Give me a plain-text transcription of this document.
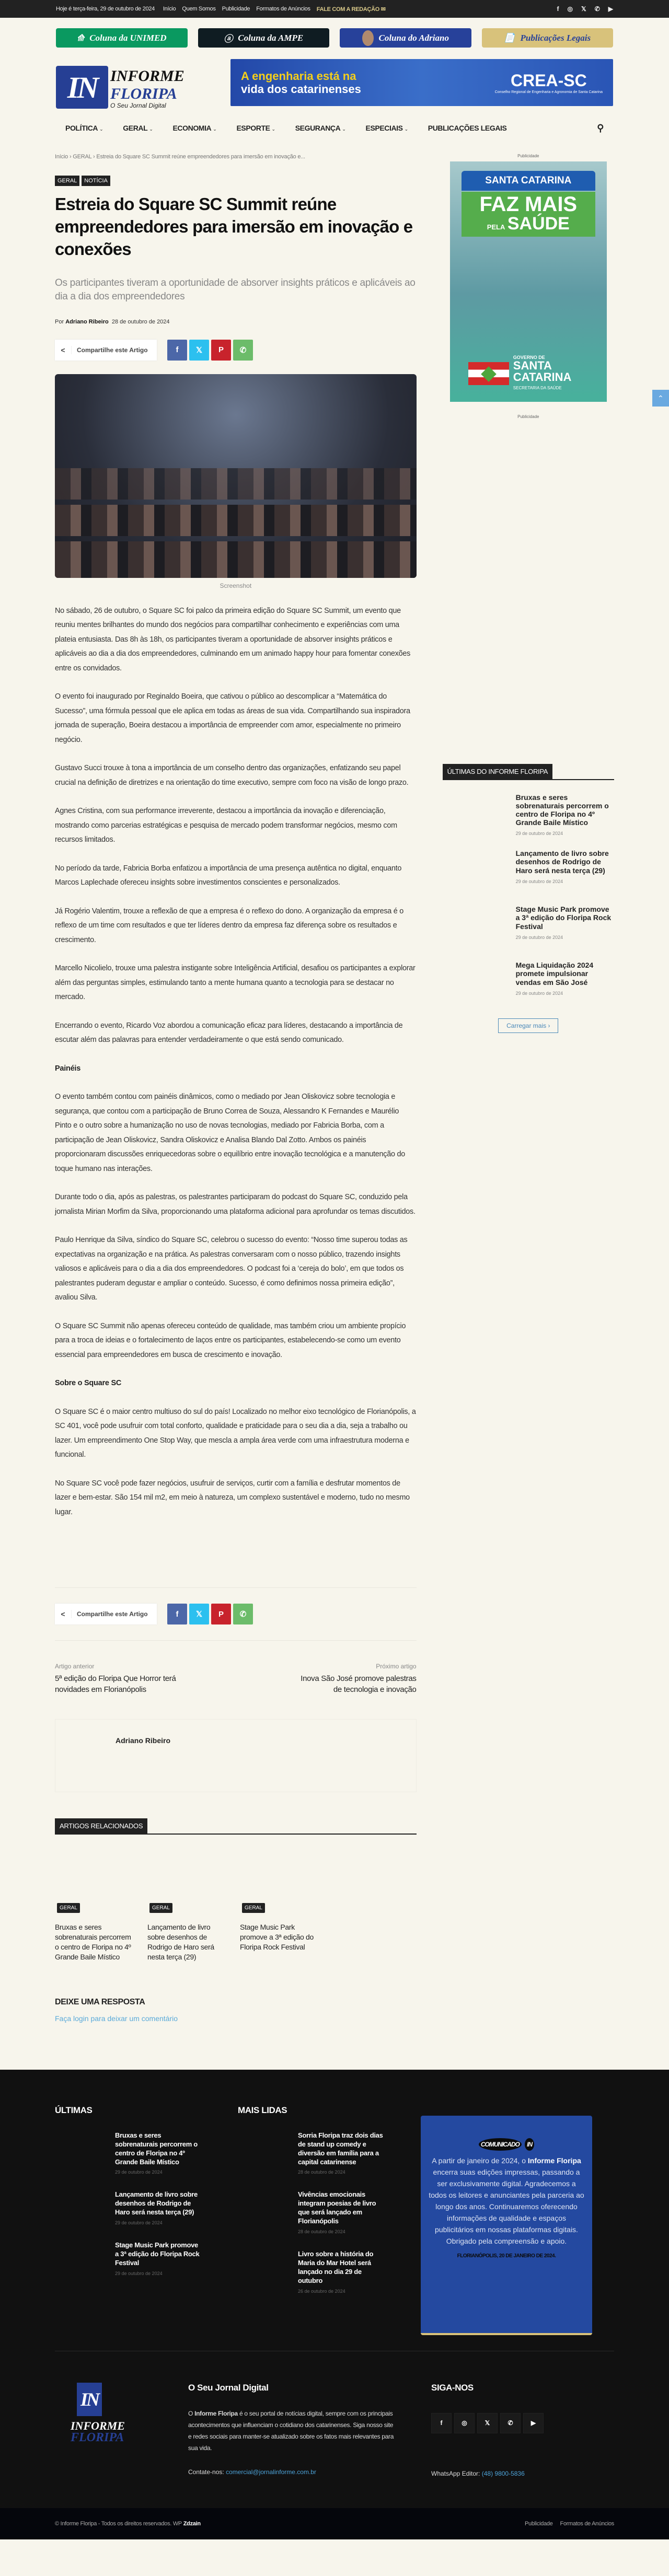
Hoje é terça-feira, 29 de outubro de 2024 Início Quem Somos Publicidade Formatos de Anúncios FALE COM A REDAÇÃO ✉	f ◎ 𝕏 ✆ ▶
⟰ Coluna da UNIMED	ⓐ Coluna da AMPE	Coluna do Adriano	📄 Publicações Legais
IN INFORME
FLORIPA
O Seu Jornal Digital
A engenharia está na
vida dos catarinenses	CREA-SC
Conselho Regional de Engenharia e Agronomia de Santa Catarina
POLÍTICA ⌄	GERAL ⌄	ECONOMIA ⌄	ESPORTE ⌄	SEGURANÇA ⌄	ESPECIAIS ⌄	PUBLICAÇÕES LEGAIS	⚲
Início › GERAL › Estreia do Square SC Summit reúne empreendedores para imersão em inovação e...
GERAL	NOTÍCIA
Estreia do Square SC Summit reúne empreendedores para imersão em inovação e conexões
Os participantes tiveram a oportunidade de absorver insights práticos e aplicáveis ao dia a dia dos empreendedores
Por Adriano Ribeiro 28 de outubro de 2024
<	Compartilhe este Artigo	f	𝕏	P	✆
Screenshot

No sábado, 26 de outubro, o Square SC foi palco da primeira edição do Square SC Summit, um evento que reuniu mentes brilhantes do mundo dos negócios para compartilhar conhecimento e experiências com uma plateia entusiasta. Das 8h às 18h, os participantes tiveram a oportunidade de absorver insights práticos e aplicáveis ao dia a dia dos empreendedores, culminando em um animado happy hour para fomentar conexões entre os convidados.

O evento foi inaugurado por Reginaldo Boeira, que cativou o público ao descomplicar a “Matemática do Sucesso”, uma fórmula pessoal que ele aplica em todas as áreas de sua vida. Compartilhando sua inspiradora jornada de superação, Boeira destacou a importância de empreender com amor, especialmente no primeiro negócio.

Gustavo Succi trouxe à tona a importância de um conselho dentro das organizações, enfatizando seu papel crucial na definição de diretrizes e na orientação do time executivo, sempre com foco na visão de longo prazo.

Agnes Cristina, com sua performance irreverente, destacou a importância da inovação e diferenciação, mostrando como parcerias estratégicas e pesquisa de mercado podem transformar negócios, mesmo com recursos limitados.

No período da tarde, Fabricia Borba enfatizou a importância de uma presença autêntica no digital, enquanto Marcos Laplechade ofereceu insights sobre investimentos conscientes e personalizados.

Já Rogério Valentim, trouxe a reflexão de que a empresa é o reflexo do dono. A organização da empresa é o reflexo de um time com resultados e que ter líderes dentro da empresa faz diferença sobre os resultados e crescimento.

Marcello Nicolielo, trouxe uma palestra instigante sobre Inteligência Artificial, desafiou os participantes a explorar além das perguntas simples, estimulando tanto a mente humana quanto a tecnologia para se destacar no mercado.

Encerrando o evento, Ricardo Voz abordou a comunicação eficaz para líderes, destacando a importância de escutar além das palavras para entender verdadeiramente o que está sendo comunicado.

Painéis

O evento também contou com painéis dinâmicos, como o mediado por Jean Oliskovicz sobre tecnologia e segurança, que contou com a participação de Bruno Correa de Souza, Alessandro K Fernandes e Maurélio Pinto e o outro sobre a humanização no uso de novas tecnologias, mediado por Fabricia Borba, com a participação de Jean Oliskovicz, Sandra Oliskovicz e Analisa Blando Dal Zotto. Ambos os painéis proporcionaram discussões enriquecedoras sobre o equilíbrio entre inovação tecnológica e a manutenção do toque humano nas interações.

Durante todo o dia, após as palestras, os palestrantes participaram do podcast do Square SC, conduzido pela jornalista Mirian Morfim da Silva, proporcionando uma plataforma adicional para aprofundar os temas discutidos.

Paulo Henrique da Silva, síndico do Square SC, celebrou o sucesso do evento: “Nosso time superou todas as expectativas na organização e na prática. As palestras conversaram com o nosso público, trazendo insights valiosos e aplicáveis para o dia a dia dos empreendedores. O podcast foi a ‘cereja do bolo’, em que todos os palestrantes puderam degustar e ampliar o conteúdo. Sucesso, é como definimos nossa primeira edição”, avaliou Silva.

O Square SC Summit não apenas ofereceu conteúdo de qualidade, mas também criou um ambiente propício para a troca de ideias e o fortalecimento de laços entre os participantes, estabelecendo-se como um evento essencial para empreendedores em busca de crescimento e inovação.

Sobre o Square SC

O Square SC é o maior centro multiuso do sul do país! Localizado no melhor eixo tecnológico de Florianópolis, a SC 401, você pode usufruir com total conforto, qualidade e praticidade para o seu dia a dia, seja a trabalho ou lazer. Um empreendimento One Stop Way, que mescla a ampla área verde com uma infraestrutura moderna e funcional.

No Square SC você pode fazer negócios, usufruir de serviços, curtir com a família e desfrutar momentos de lazer e bem-estar. São 154 mil m2, em meio à natureza, um complexo sustentável e moderno, tudo no mesmo lugar.

<	Compartilhe este Artigo	f	𝕏	P	✆
Artigo anterior
5ª edição do Floripa Que Horror terá novidades em Florianópolis
Próximo artigo
Inova São José promove palestras de tecnologia e inovação
Adriano Ribeiro
ARTIGOS RELACIONADOS
GERAL
Bruxas e seres sobrenaturais percorrem o centro de Floripa no 4º Grande Baile Místico
GERAL
Lançamento de livro sobre desenhos de Rodrigo de Haro será nesta terça (29)
GERAL
Stage Music Park promove a 3ª edição do Floripa Rock Festival
DEIXE UMA RESPOSTA
Faça login para deixar um comentário
Publicidade
SANTA CATARINA
FAZ MAIS
PELA SAÚDE
GOVERNO DE
SANTA
CATARINA
SECRETARIA DA SAÚDE
Publicidade
ÚLTIMAS DO INFORME FLORIPA
Bruxas e seres sobrenaturais percorrem o centro de Floripa no 4º Grande Baile Místico
29 de outubro de 2024
Lançamento de livro sobre desenhos de Rodrigo de Haro será nesta terça (29)
29 de outubro de 2024
Stage Music Park promove a 3ª edição do Floripa Rock Festival
29 de outubro de 2024
Mega Liquidação 2024 promete impulsionar vendas em São José
29 de outubro de 2024
Carregar mais ›
ÚLTIMAS
Bruxas e seres sobrenaturais percorrem o centro de Floripa no 4º Grande Baile Místico
29 de outubro de 2024
Lançamento de livro sobre desenhos de Rodrigo de Haro será nesta terça (29)
29 de outubro de 2024
Stage Music Park promove a 3ª edição do Floripa Rock Festival
29 de outubro de 2024
MAIS LIDAS
Sorria Floripa traz dois dias de stand up comedy e diversão em família para a capital catarinense
28 de outubro de 2024
Vivências emocionais integram poesias de livro que será lançado em Florianópolis
28 de outubro de 2024
Livro sobre a história do Maria do Mar Hotel será lançado no dia 29 de outubro
26 de outubro de 2024
COMUNICADO IN

A partir de janeiro de 2024, o Informe Floripa encerra suas edições impressas, passando a ser exclusivamente digital. Agradecemos a todos os leitores e anunciantes pela parceria ao longo dos anos. Continuaremos oferecendo informações de qualidade e espaços publicitários em nossas plataformas digitais. Obrigado pela compreensão e apoio.

FLORIANÓPOLIS, 20 DE JANEIRO DE 2024.
IN
INFORME
FLORIPA
O Seu Jornal Digital

O Informe Floripa é o seu portal de notícias digital, sempre com os principais acontecimentos que influenciam o cotidiano dos catarinenses. Siga nosso site e redes sociais para manter-se atualizado sobre os fatos mais relevantes para sua vida.

Contate-nos: comercial@jornalinforme.com.br
SIGA-NOS
f	◎	𝕏	✆	▶
WhatsApp Editor: (48) 9800-5836
© Informe Floripa - Todos os direitos reservados. WP
Zdzain	Publicidade Formatos de Anúncios
⌃
